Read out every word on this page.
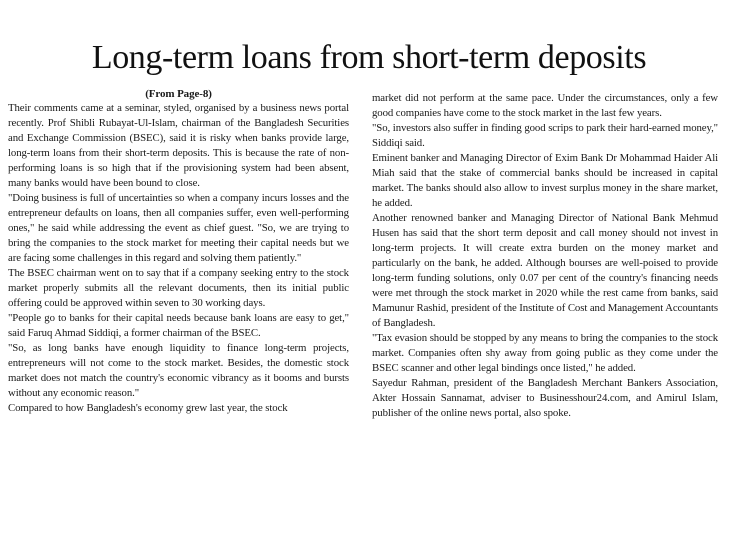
Long-term loans from short-term deposits
(From Page-8)

Their comments came at a seminar, styled, organised by a business news portal recently. Prof Shibli Rubayat-Ul-Islam, chairman of the Bangladesh Securities and Exchange Commission (BSEC), said it is risky when banks provide large, long-term loans from their short-term deposits. This is because the rate of non-performing loans is so high that if the provisioning system had been absent, many banks would have been bound to close.

"Doing business is full of uncertainties so when a company incurs losses and the entrepreneur defaults on loans, then all companies suffer, even well-performing ones," he said while addressing the event as chief guest. "So, we are trying to bring the companies to the stock market for meeting their capital needs but we are facing some challenges in this regard and solving them patiently."

The BSEC chairman went on to say that if a company seeking entry to the stock market properly submits all the relevant documents, then its initial public offering could be approved within seven to 30 working days.

"People go to banks for their capital needs because bank loans are easy to get," said Faruq Ahmad Siddiqi, a former chairman of the BSEC.

"So, as long banks have enough liquidity to finance long-term projects, entrepreneurs will not come to the stock market. Besides, the domestic stock market does not match the country's economic vibrancy as it booms and bursts without any economic reason."

Compared to how Bangladesh's economy grew last year, the stock

market did not perform at the same pace. Under the circumstances, only a few good companies have come to the stock market in the last few years.

"So, investors also suffer in finding good scrips to park their hard-earned money," Siddiqi said.

Eminent banker and Managing Director of Exim Bank Dr Mohammad Haider Ali Miah said that the stake of commercial banks should be increased in capital market. The banks should also allow to invest surplus money in the share market, he added.

Another renowned banker and Managing Director of National Bank Mehmud Husen has said that the short term deposit and call money should not invest in long-term projects. It will create extra burden on the money market and particularly on the bank, he added. Although bourses are well-poised to provide long-term funding solutions, only 0.07 per cent of the country's financing needs were met through the stock market in 2020 while the rest came from banks, said Mamunur Rashid, president of the Institute of Cost and Management Accountants of Bangladesh.

"Tax evasion should be stopped by any means to bring the companies to the stock market. Companies often shy away from going public as they come under the BSEC scanner and other legal bindings once listed," he added.

Sayedur Rahman, president of the Bangladesh Merchant Bankers Association, Akter Hossain Sannamat, adviser to Businesshour24.com, and Amirul Islam, publisher of the online news portal, also spoke.
